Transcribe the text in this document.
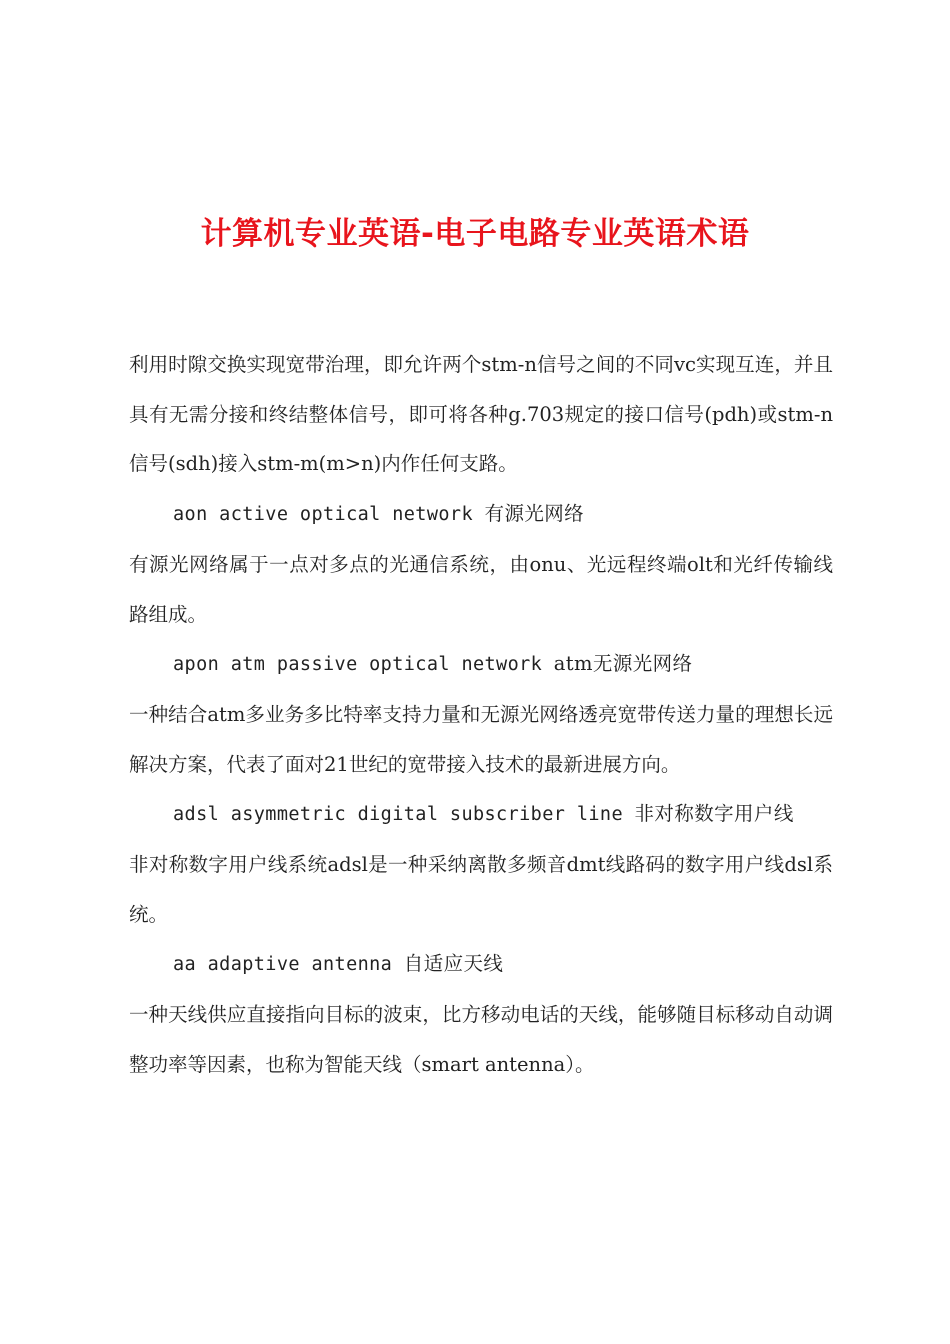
计算机专业英语-电子电路专业英语术语

利用时隙交换实现宽带治理，即允许两个stm-n信号之间的不同vc实现互连，并且具有无需分接和终结整体信号，即可将各种g.703规定的接口信号(pdh)或stm-n信号(sdh)接入stm-m(m>n)内作任何支路。

aon active optical network 有源光网络

有源光网络属于一点对多点的光通信系统，由onu、光远程终端olt和光纤传输线路组成。

apon atm passive optical network atm无源光网络

一种结合atm多业务多比特率支持力量和无源光网络透亮宽带传送力量的理想长远解决方案，代表了面对21世纪的宽带接入技术的最新进展方向。

adsl asymmetric digital subscriber line 非对称数字用户线

非对称数字用户线系统adsl是一种采纳离散多频音dmt线路码的数字用户线dsl系统。

aa adaptive antenna 自适应天线

一种天线供应直接指向目标的波束，比方移动电话的天线，能够随目标移动自动调整功率等因素，也称为智能天线（smart antenna）。
